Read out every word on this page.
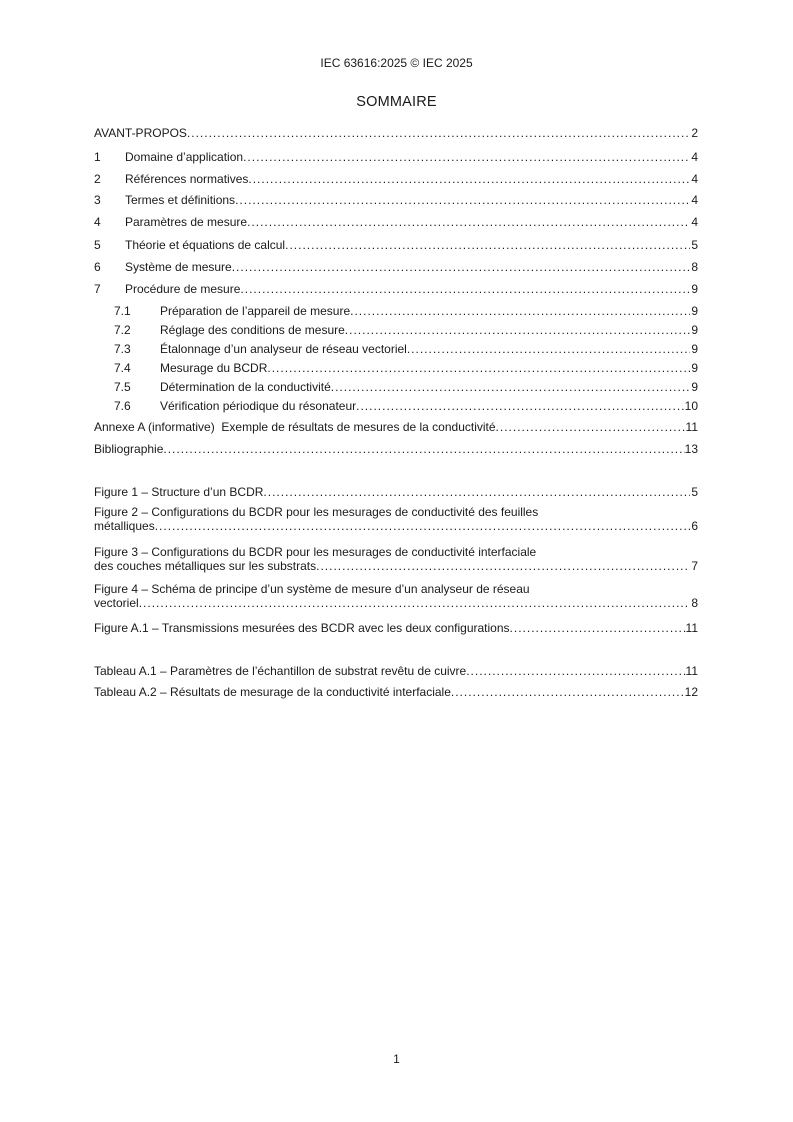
IEC 63616:2025 © IEC 2025
SOMMAIRE
AVANT-PROPOS .....	2
1	Domaine d’application .....	4
2	Références normatives .....	4
3	Termes et définitions .....	4
4	Paramètres de mesure .....	4
5	Théorie et équations de calcul .....	5
6	Système de mesure .....	8
7	Procédure de mesure .....	9
7.1	Préparation de l’appareil de mesure .....	9
7.2	Réglage des conditions de mesure .....	9
7.3	Étalonnage d’un analyseur de réseau vectoriel .....	9
7.4	Mesurage du BCDR .....	9
7.5	Détermination de la conductivité .....	9
7.6	Vérification périodique du résonateur .....	10
Annexe A (informative)  Exemple de résultats de mesures de la conductivité .....	11
Bibliographie .....	13
Figure 1 – Structure d’un BCDR .....	5
Figure 2 – Configurations du BCDR pour les mesurages de conductivité des feuilles
métalliques .....	6
Figure 3 – Configurations du BCDR pour les mesurages de conductivité interfaciale
des couches métalliques sur les substrats .....	7
Figure 4 – Schéma de principe d’un système de mesure d’un analyseur de réseau
vectoriel .....	8
Figure A.1 – Transmissions mesurées des BCDR avec les deux configurations .....	11
Tableau A.1 – Paramètres de l’échantillon de substrat revêtu de cuivre .....	11
Tableau A.2 – Résultats de mesurage de la conductivité interfaciale .....	12
1
